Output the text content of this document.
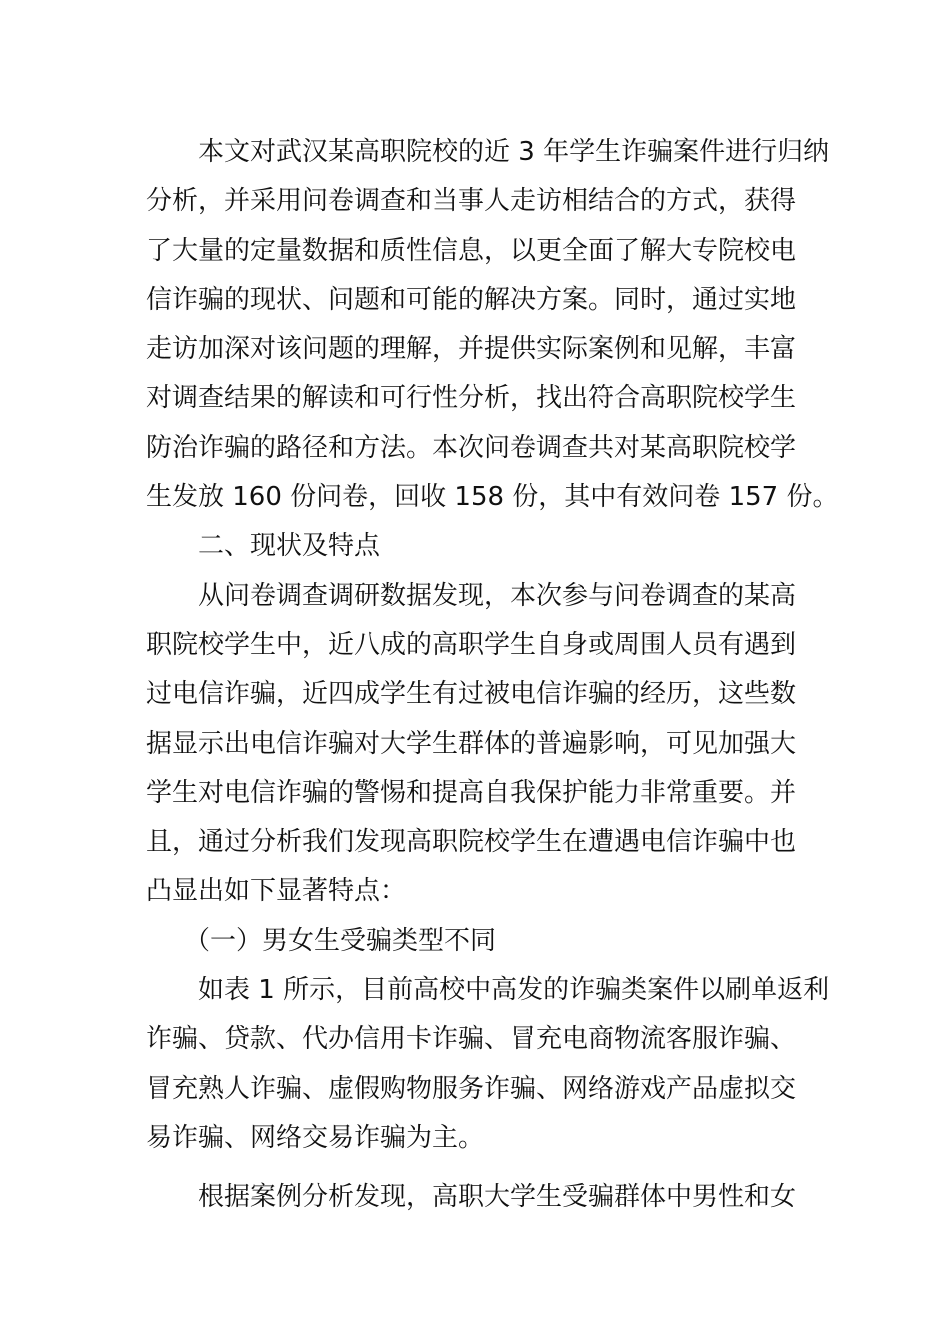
本文对武汉某高职院校的近 3 年学生诈骗案件进行归纳
分析，并采用问卷调查和当事人走访相结合的方式，获得
了大量的定量数据和质性信息，以更全面了解大专院校电
信诈骗的现状、问题和可能的解决方案。同时，通过实地
走访加深对该问题的理解，并提供实际案例和见解，丰富
对调查结果的解读和可行性分析，找出符合高职院校学生
防治诈骗的路径和方法。本次问卷调查共对某高职院校学
生发放 160 份问卷，回收 158 份，其中有效问卷 157 份。
二、现状及特点
从问卷调查调研数据发现，本次参与问卷调查的某高
职院校学生中，近八成的高职学生自身或周围人员有遇到
过电信诈骗，近四成学生有过被电信诈骗的经历，这些数
据显示出电信诈骗对大学生群体的普遍影响，可见加强大
学生对电信诈骗的警惕和提高自我保护能力非常重要。并
且，通过分析我们发现高职院校学生在遭遇电信诈骗中也
凸显出如下显著特点：
（一）男女生受骗类型不同
如表 1 所示，目前高校中高发的诈骗类案件以刷单返利
诈骗、贷款、代办信用卡诈骗、冒充电商物流客服诈骗、
冒充熟人诈骗、虚假购物服务诈骗、网络游戏产品虚拟交
易诈骗、网络交易诈骗为主。
根据案例分析发现，高职大学生受骗群体中男性和女
